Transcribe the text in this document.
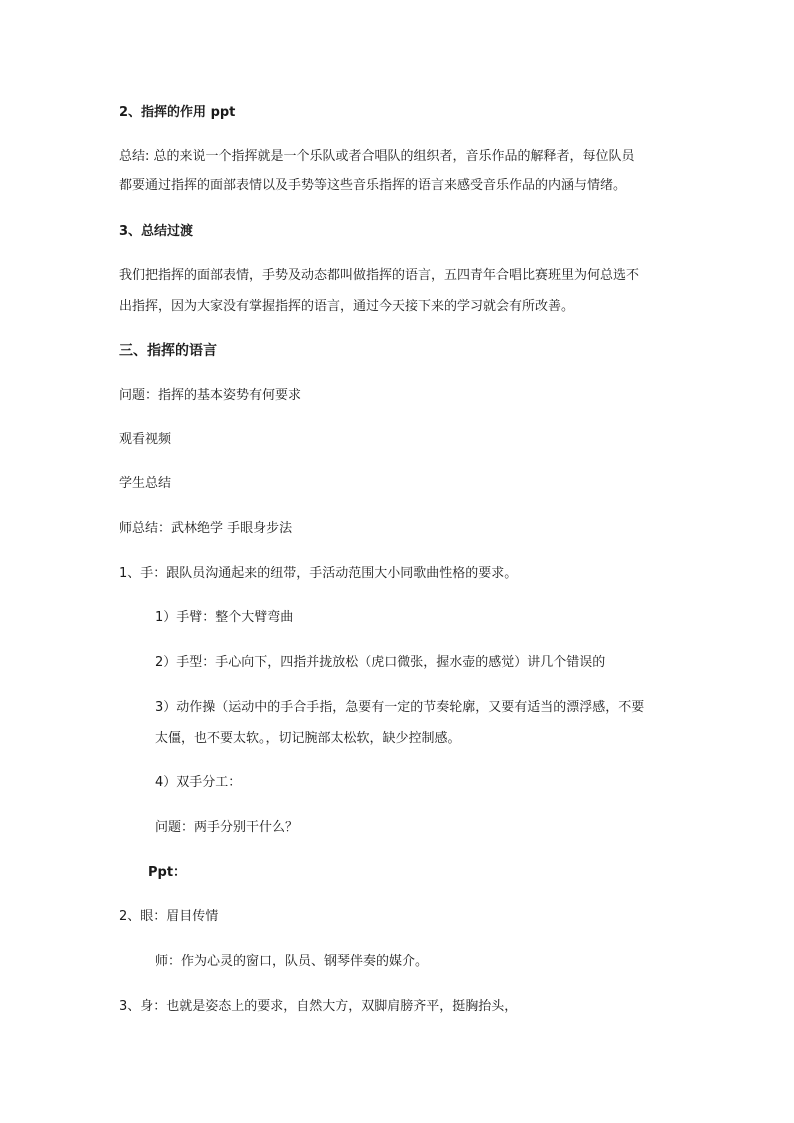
2、指挥的作用 ppt
总结: 总的来说一个指挥就是一个乐队或者合唱队的组织者，音乐作品的解释者，每位队员
都要通过指挥的面部表情以及手势等这些音乐指挥的语言来感受音乐作品的内涵与情绪。
3、总结过渡
我们把指挥的面部表情，手势及动态都叫做指挥的语言，五四青年合唱比赛班里为何总选不
出指挥，因为大家没有掌握指挥的语言，通过今天接下来的学习就会有所改善。
三、指挥的语言
问题：指挥的基本姿势有何要求
观看视频
学生总结
师总结：武林绝学 手眼身步法
1、手：跟队员沟通起来的纽带，手活动范围大小同歌曲性格的要求。
1）手臂：整个大臂弯曲
2）手型：手心向下，四指并拢放松（虎口微张，握水壶的感觉）讲几个错误的
3）动作操（运动中的手合手指，急要有一定的节奏轮廓，又要有适当的漂浮感，不要
太僵，也不要太软。，切记腕部太松软，缺少控制感。
4）双手分工：
问题：两手分别干什么？
Ppt：
2、眼：眉目传情
师：作为心灵的窗口，队员、钢琴伴奏的媒介。
3、身：也就是姿态上的要求，自然大方，双脚肩膀齐平，挺胸抬头，
